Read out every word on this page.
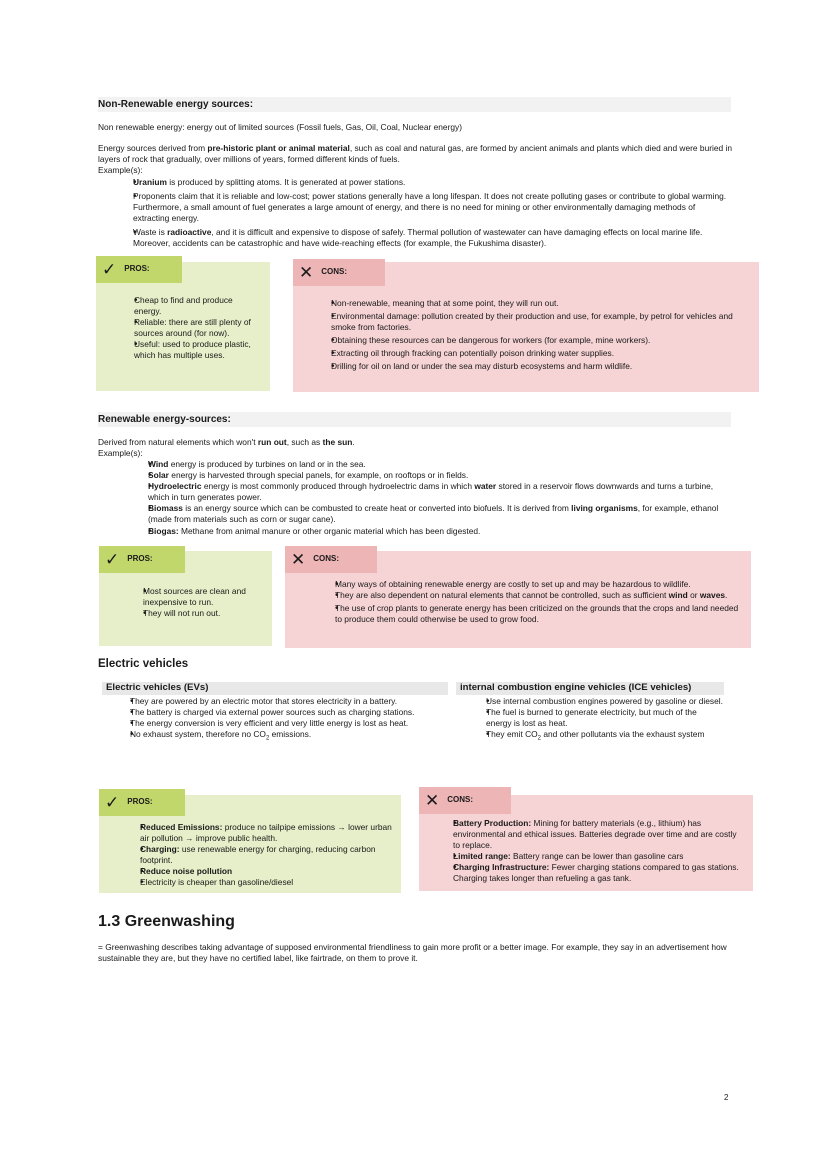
Non-Renewable energy sources:

Non renewable energy: energy out of limited sources (Fossil fuels, Gas, Oil, Coal, Nuclear energy)

Energy sources derived from pre-historic plant or animal material, such as coal and natural gas, are formed by ancient animals and plants which died and were buried in layers of rock that gradually, over millions of years, formed different kinds of fuels.

Example(s):

• Uranium is produced by splitting atoms. It is generated at power stations.
• Proponents claim that it is reliable and low-cost; power stations generally have a long lifespan. It does not create polluting gases or contribute to global warming. Furthermore, a small amount of fuel generates a large amount of energy, and there is no need for mining or other environmentally damaging methods of extracting energy.
• Waste is radioactive, and it is difficult and expensive to dispose of safely. Thermal pollution of wastewater can have damaging effects on local marine life. Moreover, accidents can be catastrophic and have wide-reaching effects (for example, the Fukushima disaster).
• Cheap to find and produce energy.
• Reliable: there are still plenty of sources around (for now).
• Useful: used to produce plastic, which has multiple uses.
✓ PROS:
• Non-renewable, meaning that at some point, they will run out.
• Environmental damage: pollution created by their production and use, for example, by petrol for vehicles and smoke from factories.
• Obtaining these resources can be dangerous for workers (for example, mine workers).
• Extracting oil through fracking can potentially poison drinking water supplies.
• Drilling for oil on land or under the sea may disturb ecosystems and harm wildlife.
✕ CONS:
Renewable energy-sources:

Derived from natural elements which won't run out, such as the sun.

Example(s):

• Wind energy is produced by turbines on land or in the sea.
• Solar energy is harvested through special panels, for example, on rooftops or in fields.
• Hydroelectric energy is most commonly produced through hydroelectric dams in which water stored in a reservoir flows downwards and turns a turbine, which in turn generates power.
• Biomass is an energy source which can be combusted to create heat or converted into biofuels. It is derived from living organisms, for example, ethanol (made from materials such as corn or sugar cane).
• Biogas: Methane from animal manure or other organic material which has been digested.
• Most sources are clean and inexpensive to run.
• They will not run out.
✓ PROS:
• Many ways of obtaining renewable energy are costly to set up and may be hazardous to wildlife.
• They are also dependent on natural elements that cannot be controlled, such as sufficient wind or waves.
• The use of crop plants to generate energy has been criticized on the grounds that the crops and land needed to produce them could otherwise be used to grow food.
✕ CONS:
Electric vehicles
Electric vehicles (EVs)
• They are powered by an electric motor that stores electricity in a battery.
• The battery is charged via external power sources such as charging stations.
• The energy conversion is very efficient and very little energy is lost as heat.
• No exhaust system, therefore no $CO_2$ emissions.
internal combustion engine vehicles (ICE vehicles)
• Use internal combustion engines powered by gasoline or diesel.
• The fuel is burned to generate electricity, but much of the energy is lost as heat.
• They emit $CO_2$ and other pollutants via the exhaust system
• Reduced Emissions: produce no tailpipe emissions → lower urban air pollution → improve public health.
• Charging: use renewable energy for charging, reducing carbon footprint.
• Reduce noise pollution
• Electricity is cheaper than gasoline/diesel
✓ PROS:
• Battery Production: Mining for battery materials (e.g., lithium) has environmental and ethical issues. Batteries degrade over time and are costly to replace.
• Limited range: Battery range can be lower than gasoline cars
• Charging Infrastructure: Fewer charging stations compared to gas stations. Charging takes longer than refueling a gas tank.
✕ CONS:
1.3 Greenwashing

= Greenwashing describes taking advantage of supposed environmental friendliness to gain more profit or a better image. For example, they say in an advertisement how sustainable they are, but they have no certified label, like fairtrade, on them to prove it.

2
